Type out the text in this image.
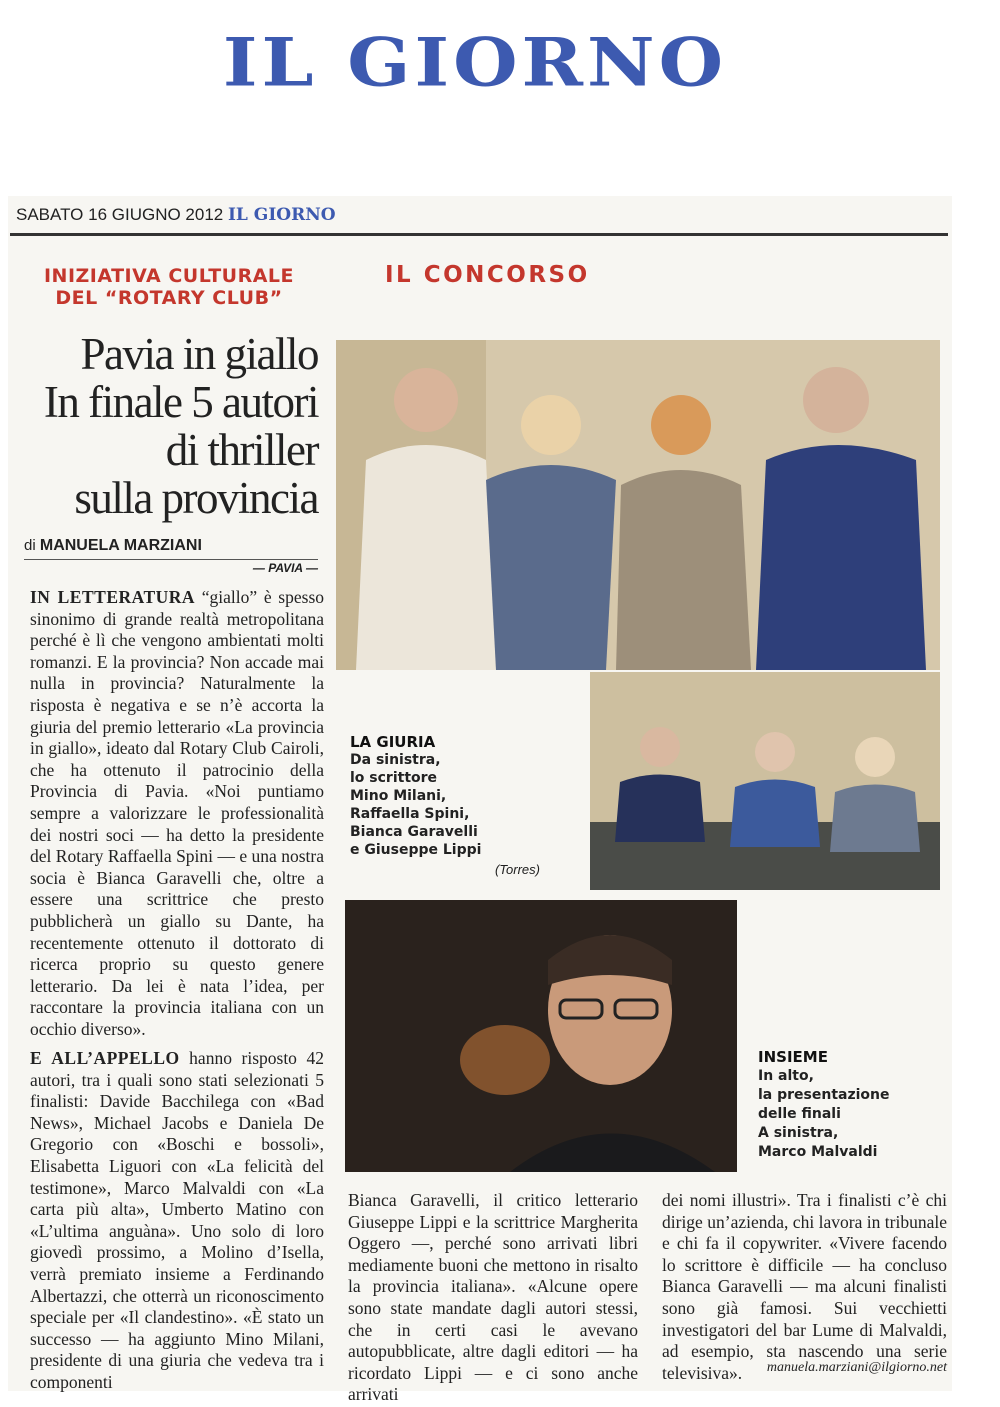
IL GIORNO
SABATO 16 GIUGNO 2012 IL GIORNO
INIZIATIVA CULTURALE
DEL “ROTARY CLUB”
IL CONCORSO
Pavia in giallo
In finale 5 autori
di thriller
sulla provincia
di MANUELA MARZIANI
— PAVIA —

IN LETTERATURA “giallo” è spesso sinonimo di grande realtà metropolitana perché è lì che vengono ambientati molti romanzi. E la provincia? Non accade mai nulla in provincia? Naturalmente la risposta è negativa e se n’è accorta la giuria del premio letterario «La provincia in giallo», ideato dal Rotary Club Cairoli, che ha ottenuto il patrocinio della Provincia di Pavia. «Noi puntiamo sempre a valorizzare le professionalità dei nostri soci — ha detto la presidente del Rotary Raffaella Spini — e una nostra socia è Bianca Garavelli che, oltre a essere una scrittrice che presto pubblicherà un giallo su Dante, ha recentemente ottenuto il dottorato di ricerca proprio su questo genere letterario. Da lei è nata l’idea, per raccontare la provincia italiana con un occhio diverso».

E ALL’APPELLO hanno risposto 42 autori, tra i quali sono stati selezionati 5 finalisti: Davide Bacchilega con «Bad News», Michael Jacobs e Daniela De Gregorio con «Boschi e bossoli», Elisabetta Liguori con «La felicità del testimone», Marco Malvaldi con «La carta più alta», Umberto Matino con «L’ultima anguàna». Uno solo di loro giovedì prossimo, a Molino d’Isella, verrà premiato insieme a Ferdinando Albertazzi, che otterrà un riconoscimento speciale per «Il clandestino». «È stato un successo — ha aggiunto Mino Milani, presidente di una giuria che vedeva tra i componenti

LA GIURIA
Da sinistra,
lo scrittore
Mino Milani,
Raffaella Spini,
Bianca Garavelli
e Giuseppe Lippi
(Torres)
INSIEME
In alto,
la presentazione
delle finali
A sinistra,
Marco Malvaldi

Bianca Garavelli, il critico letterario Giuseppe Lippi e la scrittrice Margherita Oggero —, perché sono arrivati libri mediamente buoni che mettono in risalto la provincia italiana». «Alcune opere sono state mandate dagli autori stessi, che in certi casi le avevano autopubblicate, altre dagli editori — ha ricordato Lippi — e ci sono anche arrivati

dei nomi illustri». Tra i finalisti c’è chi dirige un’azienda, chi lavora in tribunale e chi fa il copywriter. «Vivere facendo lo scrittore è difficile — ha concluso Bianca Garavelli — ma alcuni finalisti sono già famosi. Sui vecchietti investigatori del bar Lume di Malvaldi, ad esempio, sta nascendo una serie televisiva».	manuela.marziani@ilgiorno.net
